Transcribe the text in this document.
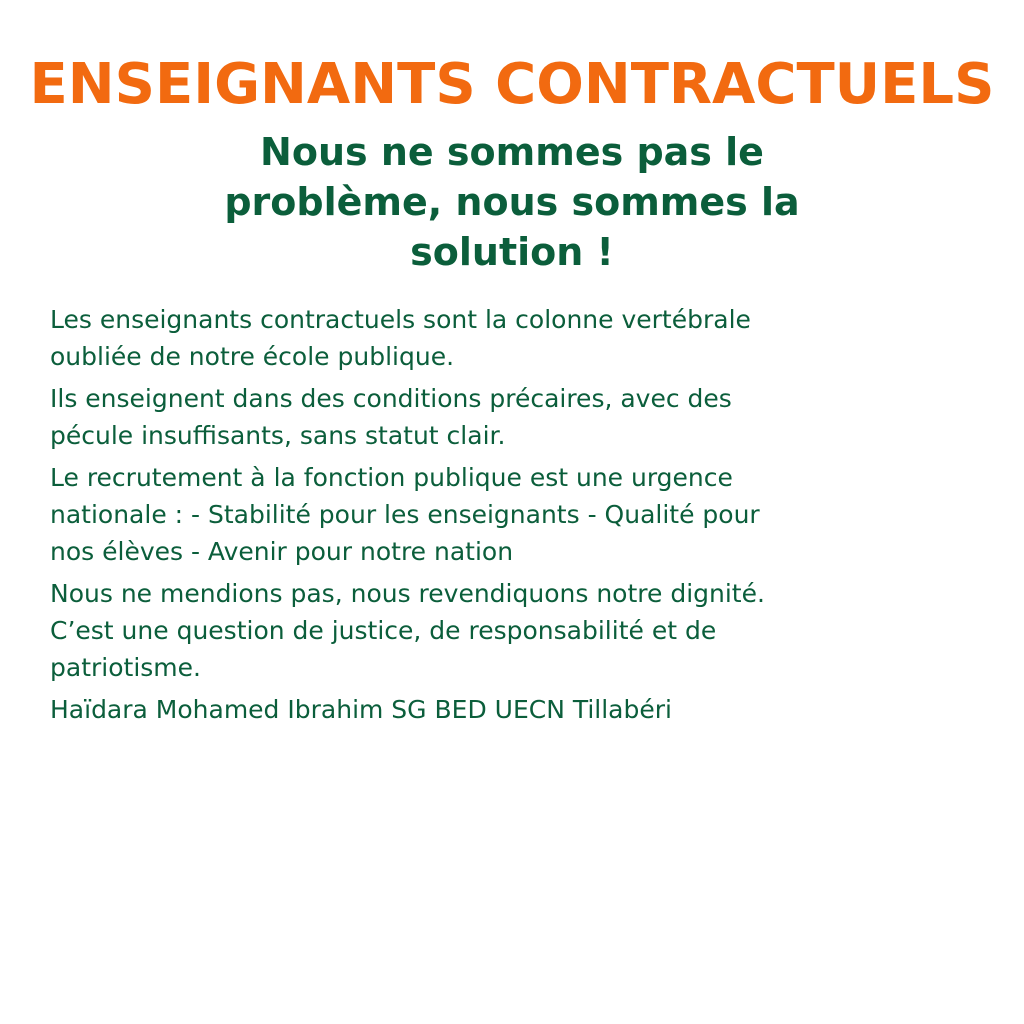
ENSEIGNANTS CONTRACTUELS
Nous ne sommes pas le problème, nous sommes la solution !

Les enseignants contractuels sont la colonne vertébrale oubliée de notre école publique.

Ils enseignent dans des conditions précaires, avec des pécule insuffisants, sans statut clair.

Le recrutement à la fonction publique est une urgence nationale : - Stabilité pour les enseignants - Qualité pour nos élèves - Avenir pour notre nation

Nous ne mendions pas, nous revendiquons notre dignité. C’est une question de justice, de responsabilité et de patriotisme.

Haïdara Mohamed Ibrahim SG BED UECN Tillabéri
